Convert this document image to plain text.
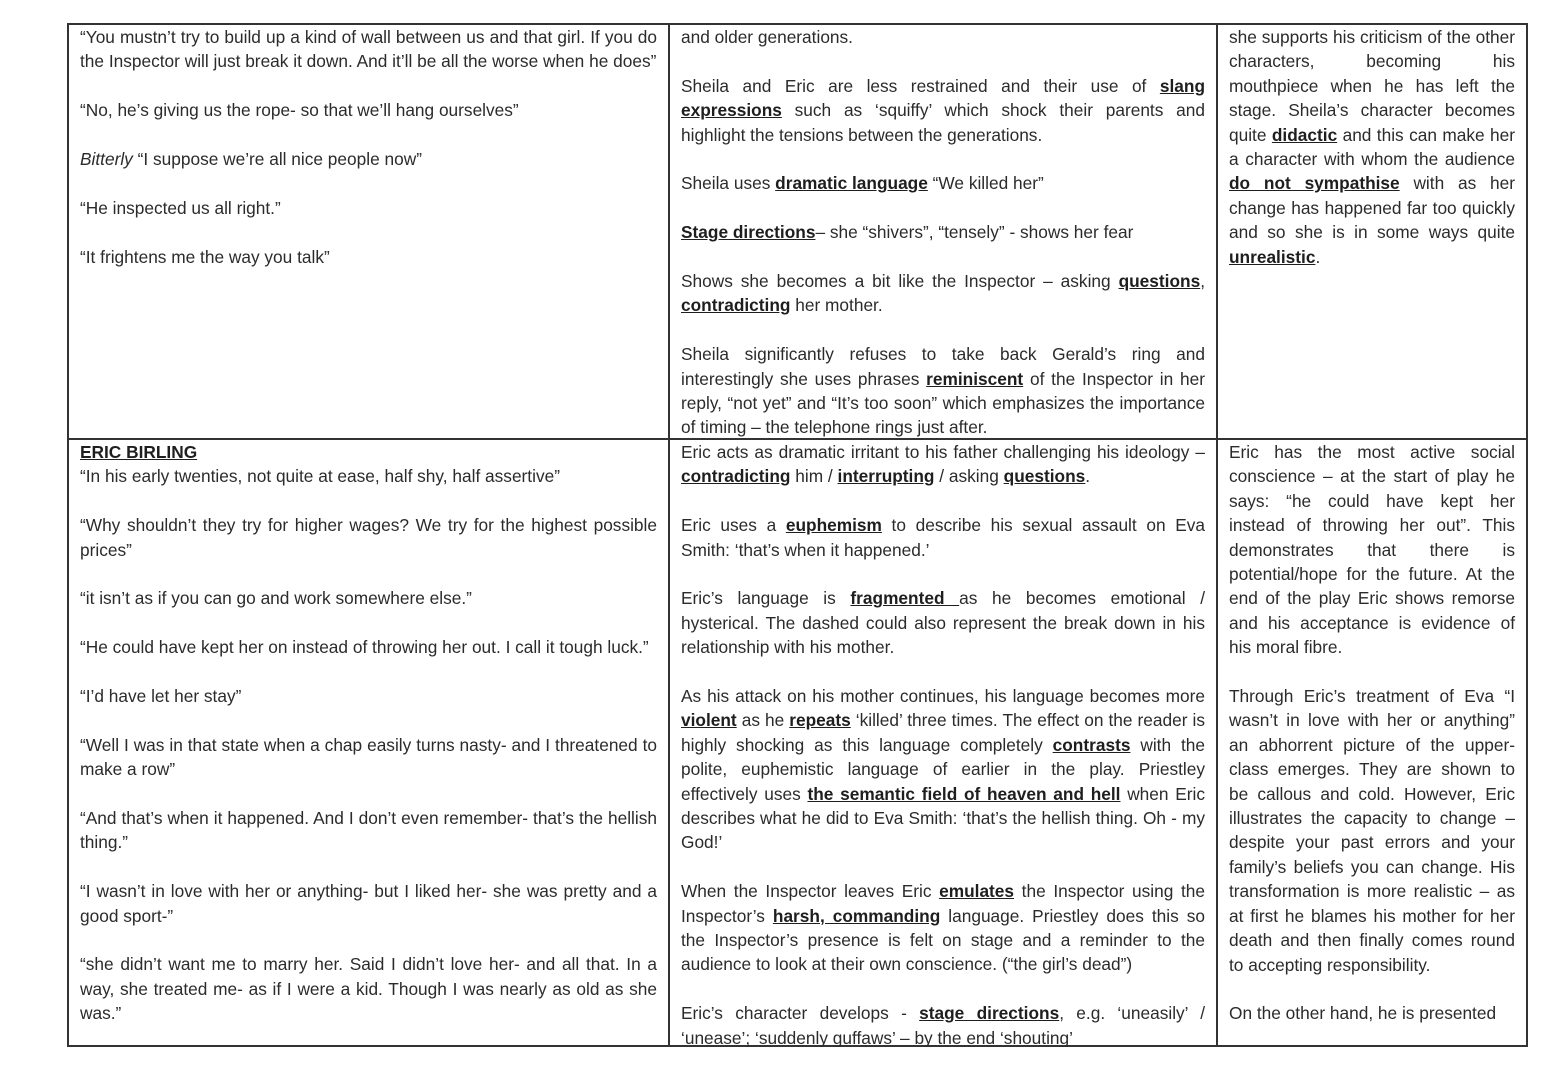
“You mustn’t try to build up a kind of wall between us and that girl. If you do the Inspector will just break it down. And it’ll be all the worse when he does”

“No, he’s giving us the rope- so that we’ll hang ourselves”

Bitterly “I suppose we’re all nice people now”

“He inspected us all right.”

“It frightens me the way you talk”

and older generations.

Sheila and Eric are less restrained and their use of slang expressions such as ‘squiffy’ which shock their parents and highlight the tensions between the generations.

Sheila uses dramatic language “We killed her”

Stage directions– she “shivers”, “tensely” - shows her fear

Shows she becomes a bit like the Inspector – asking questions, contradicting her mother.

Sheila significantly refuses to take back Gerald’s ring and interestingly she uses phrases reminiscent of the Inspector in her reply, “not yet” and “It’s too soon” which emphasizes the importance of timing – the telephone rings just after.

she supports his criticism of the other characters, becoming his mouthpiece when he has left the stage. Sheila’s character becomes quite didactic and this can make her a character with whom the audience do not sympathise with as her change has happened far too quickly and so she is in some ways quite unrealistic.

ERIC BIRLING

“In his early twenties, not quite at ease, half shy, half assertive”

“Why shouldn’t they try for higher wages? We try for the highest possible prices”

“it isn’t as if you can go and work somewhere else.”

“He could have kept her on instead of throwing her out. I call it tough luck.”

“I’d have let her stay”

“Well I was in that state when a chap easily turns nasty- and I threatened to make a row”

“And that’s when it happened. And I don’t even remember- that’s the hellish thing.”

“I wasn’t in love with her or anything- but I liked her- she was pretty and a good sport-”

“she didn’t want me to marry her. Said I didn’t love her- and all that. In a way, she treated me- as if I were a kid. Though I was nearly as old as she was.”

Eric acts as dramatic irritant to his father challenging his ideology – contradicting him / interrupting / asking questions.

Eric uses a euphemism to describe his sexual assault on Eva Smith: ‘that’s when it happened.’

Eric’s language is fragmented as he becomes emotional / hysterical. The dashed could also represent the break down in his relationship with his mother.

As his attack on his mother continues, his language becomes more violent as he repeats ‘killed’ three times. The effect on the reader is highly shocking as this language completely contrasts with the polite, euphemistic language of earlier in the play. Priestley effectively uses the semantic field of heaven and hell when Eric describes what he did to Eva Smith: ‘that’s the hellish thing. Oh - my God!’

When the Inspector leaves Eric emulates the Inspector using the Inspector’s harsh, commanding language. Priestley does this so the Inspector’s presence is felt on stage and a reminder to the audience to look at their own conscience. (“the girl’s dead”)

Eric’s character develops - stage directions, e.g. ‘uneasily’ / ‘unease’; ‘suddenly guffaws’ – by the end ‘shouting’

Eric has the most active social conscience – at the start of play he says: “he could have kept her instead of throwing her out”. This demonstrates that there is potential/hope for the future. At the end of the play Eric shows remorse and his acceptance is evidence of his moral fibre.

Through Eric’s treatment of Eva “I wasn’t in love with her or anything” an abhorrent picture of the upper-class emerges. They are shown to be callous and cold. However, Eric illustrates the capacity to change – despite your past errors and your family’s beliefs you can change. His transformation is more realistic – as at first he blames his mother for her death and then finally comes round to accepting responsibility.

On the other hand, he is presented
